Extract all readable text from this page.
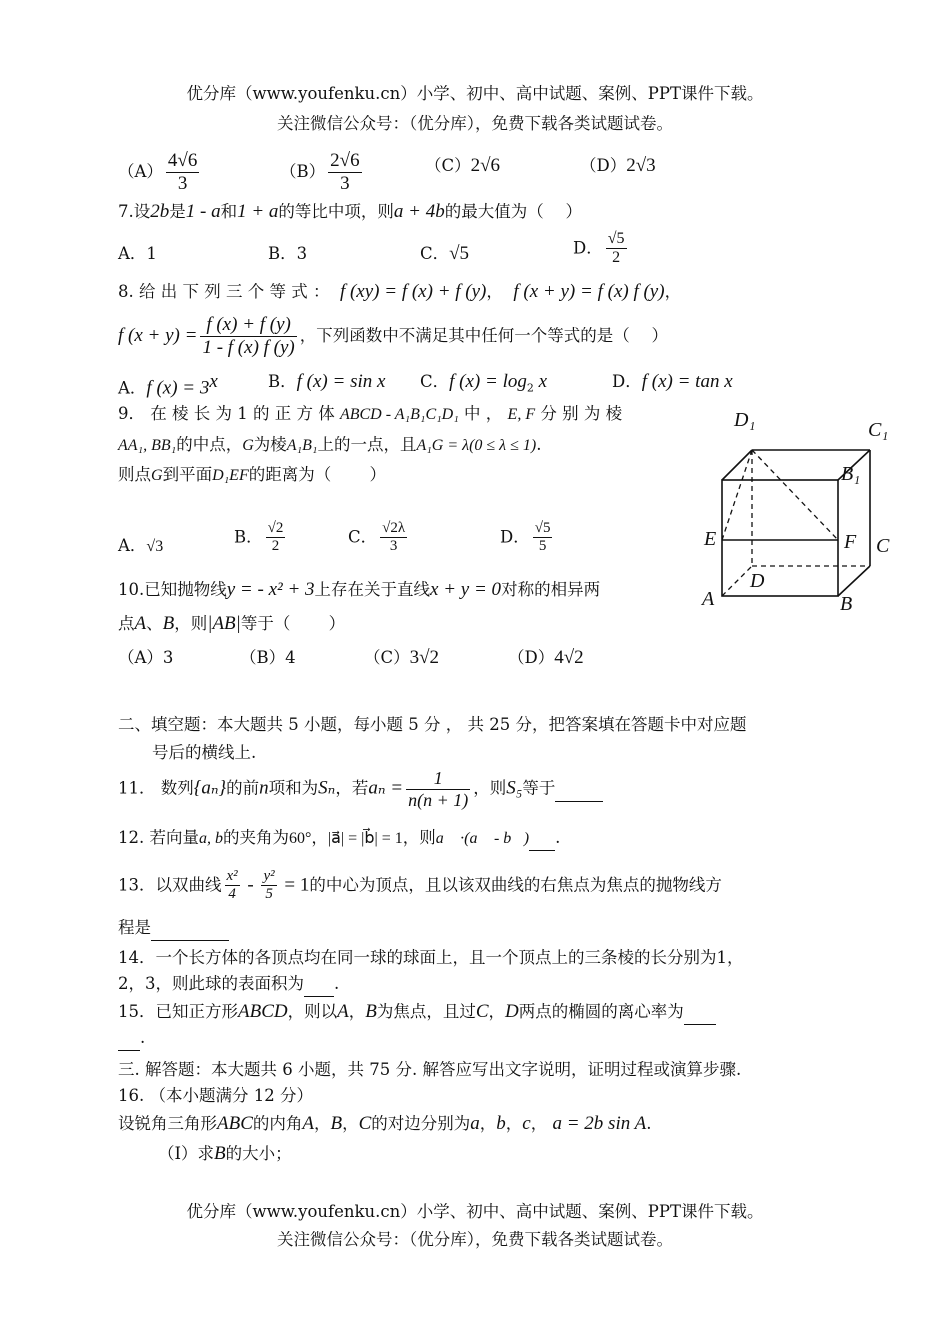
优分库（www.youfenku.cn）小学、初中、高中试题、案例、PPT课件下载。
关注微信公众号：（优分库），免费下载各类试题试卷。
$(A) \frac{4√6}{3}$	$(B) \frac{2√6}{3}$	（C）2√6	（D）2√3
7.设2b是1 - a和1 + a的等比中项，则a + 4b的最大值为（　 ）
A．1	B．3	C．√5	D． $\frac{√5}{2}$
8. 给 出 下 列 三 个 等 式 ： f (xy) = f (x) + f (y)， f (x + y) = f (x) f (y)，
f $(x + y) = \frac{f (x) + f (y)}{1 - f (x) f (y)}$ ，下列函数中不满足其中任何一个等式的是（　 ）
A．f $(x) = 3^x$	B．f (x) = sin x C．f $(x) = \log_2 x$	D．f (x) = tan x
9． 在 棱 长 为 1 的 正 方 体 ABCD - A₁B₁C₁D₁ 中 ， E, F 分 别 为 棱
AA₁, BB₁的中点，G为棱A₁B₁上的一点，且A₁G = λ(0 ≤ λ ≤ 1).
则点G到平面D₁EF的距离为（　　 ）
A．√3
B． $\frac{√2}{2}$	C． $\frac{√2\lambda}{3}$	D． $\frac{√5}{5}$
D₁	C₁
B₁
E	F C
D
A	B
10.已知抛物线y = - x² + 3上存在关于直线x + y = 0对称的相异两
点A、B，则|AB|等于（　　 ）
（A）3	（B）4	（C）3√2	（D）4√2
二、填空题：本大题共 5 小题，每小题 5 分 ， 共 25 分，把答案填在答题卡中对应题
号后的横线上.
11． 数列{aₙ}的前n项和为Sₙ，若$a_n = \frac{1}{n(n + 1)}$ ，则S₅等于
12. 若向量a, b的夹角为60°，|a⃗| = |b⃗| = 1，则a⃗ ·(a⃗ - b⃗) .
13．以双曲线 $\frac{\text{x²}}{4} - \frac{\text{y²}}{5} = 1$的中心为顶点，且以该双曲线的右焦点为焦点的抛物线方
程是
14．一个长方体的各顶点均在同一球的球面上，且一个顶点上的三条棱的长分别为1，
2，3，则此球的表面积为 .
15．已知正方形ABCD，则以A，B为焦点，且过C，D两点的椭圆的离心率为
.
三. 解答题：本大题共 6 小题，共 75 分. 解答应写出文字说明，证明过程或演算步骤.
16. （本小题满分 12 分）
设锐角三角形ABC的内角A，B，C的对边分别为a，b，c， a = 2b sin A.
（Ⅰ）求B的大小；
优分库（www.youfenku.cn）小学、初中、高中试题、案例、PPT课件下载。
关注微信公众号：（优分库），免费下载各类试题试卷。
